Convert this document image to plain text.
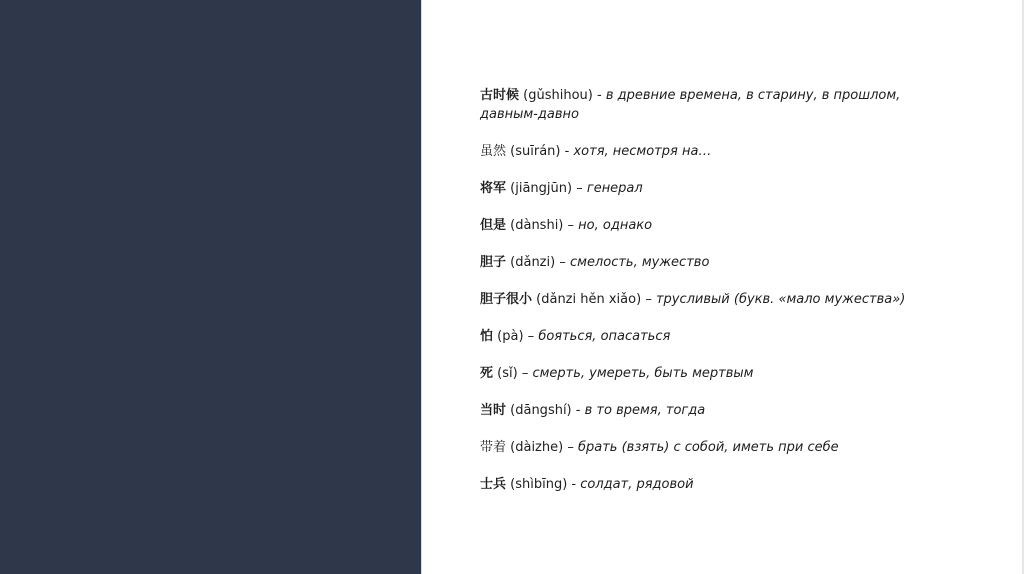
古时候 (gǔshihou) - в древние времена, в старину, в прошлом, давным-давно
虽然 (suīrán) - хотя, несмотря на…
将军 (jiāngjūn) – генерал
但是 (dànshi) – но, однако
胆子 (dǎnzi) – смелость, мужество
胆子很小 (dǎnzi hěn xiǎo) – трусливый (букв. «мало мужества»)
怕 (pà) – бояться, опасаться
死 (sǐ) – смерть, умереть, быть мертвым
当时 (dāngshí) - в то время, тогда
带着 (dàizhe) – брать (взять) с собой, иметь при себе
士兵 (shìbīng) - солдат, рядовой
